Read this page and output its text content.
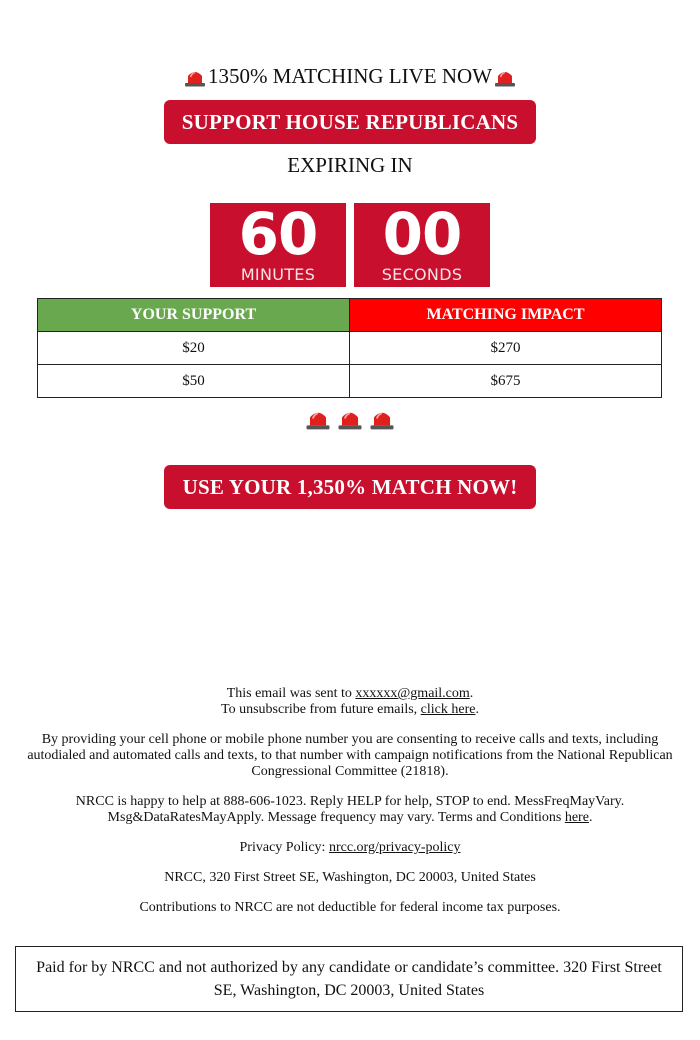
1350% MATCHING LIVE NOW
SUPPORT HOUSE REPUBLICANS
EXPIRING IN
60
MINUTES
00
SECONDS
YOUR SUPPORT	MATCHING IMPACT
$20	$270
$50	$675
USE YOUR 1,350% MATCH NOW!

This email was sent to xxxxxx@gmail.com.
To unsubscribe from future emails, click here.

By providing your cell phone or mobile phone number you are consenting to receive calls and texts, including autodialed and automated calls and texts, to that number with campaign notifications from the National Republican Congressional Committee (21818).

NRCC is happy to help at 888-606-1023. Reply HELP for help, STOP to end. MessFreqMayVary. Msg&DataRatesMayApply. Message frequency may vary. Terms and Conditions here.

Privacy Policy: nrcc.org/privacy-policy

NRCC, 320 First Street SE, Washington, DC 20003, United States

Contributions to NRCC are not deductible for federal income tax purposes.

Paid for by NRCC and not authorized by any candidate or candidate’s committee. 320 First Street SE, Washington, DC 20003, United States
